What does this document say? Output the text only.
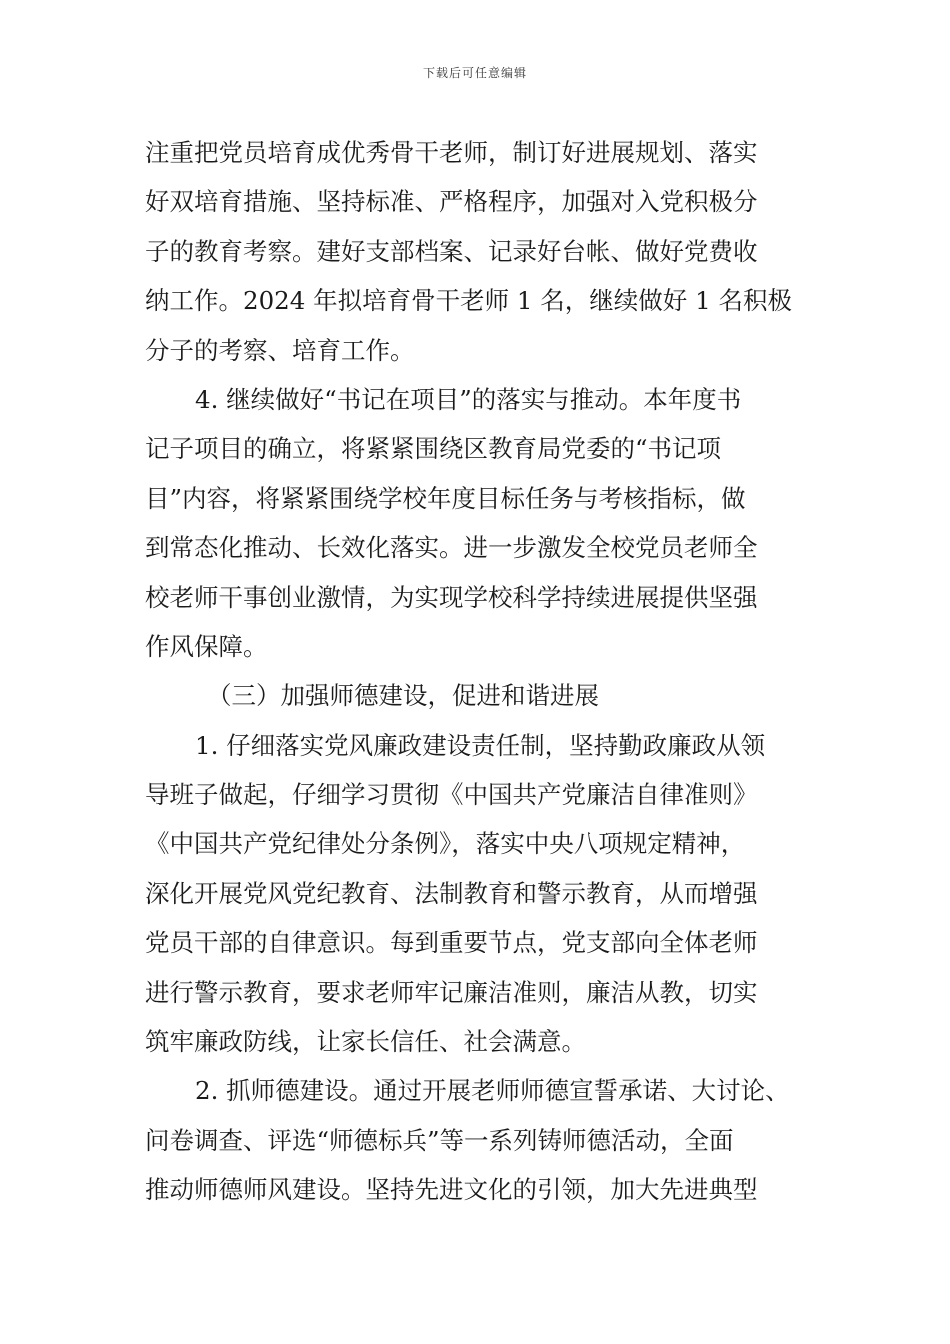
下载后可任意编辑
注重把党员培育成优秀骨干老师，制订好进展规划、落实
好双培育措施、坚持标准、严格程序，加强对入党积极分
子的教育考察。建好支部档案、记录好台帐、做好党费收
纳工作。2024 年拟培育骨干老师 1 名，继续做好 1 名积极
分子的考察、培育工作。
4. 继续做好“书记在项目”的落实与推动。本年度书
记子项目的确立，将紧紧围绕区教育局党委的“书记项
目”内容，将紧紧围绕学校年度目标任务与考核指标，做
到常态化推动、长效化落实。进一步激发全校党员老师全
校老师干事创业激情，为实现学校科学持续进展提供坚强
作风保障。
（三）加强师德建设，促进和谐进展
1. 仔细落实党风廉政建设责任制，坚持勤政廉政从领
导班子做起，仔细学习贯彻《中国共产党廉洁自律准则》
《中国共产党纪律处分条例》，落实中央八项规定精神，
深化开展党风党纪教育、法制教育和警示教育，从而增强
党员干部的自律意识。每到重要节点，党支部向全体老师
进行警示教育，要求老师牢记廉洁准则，廉洁从教，切实
筑牢廉政防线，让家长信任、社会满意。
2. 抓师德建设。通过开展老师师德宣誓承诺、大讨论、
问卷调查、评选“师德标兵”等一系列铸师德活动，全面
推动师德师风建设。坚持先进文化的引领，加大先进典型
